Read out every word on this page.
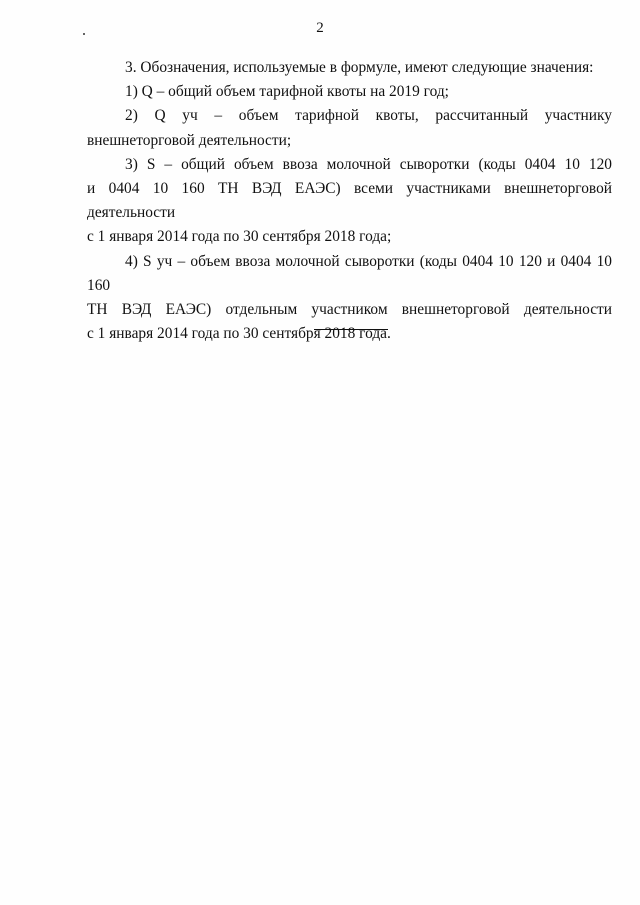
2

3. Обозначения, используемые в формуле, имеют следующие значения:

1) Q – общий объем тарифной квоты на 2019 год;

2) Q уч – объем тарифной квоты, рассчитанный участнику внешнеторговой деятельности;

3) S – общий объем ввоза молочной сыворотки (коды 0404 10 120
и 0404 10 160 ТН ВЭД ЕАЭС) всеми участниками внешнеторговой деятельности
с 1 января 2014 года по 30 сентября 2018 года;
4) S уч – объем ввоза молочной сыворотки (коды 0404 10 120 и 0404 10 160
ТН ВЭД ЕАЭС) отдельным участником внешнеторговой деятельности
с 1 января 2014 года по 30 сентября 2018 года.
